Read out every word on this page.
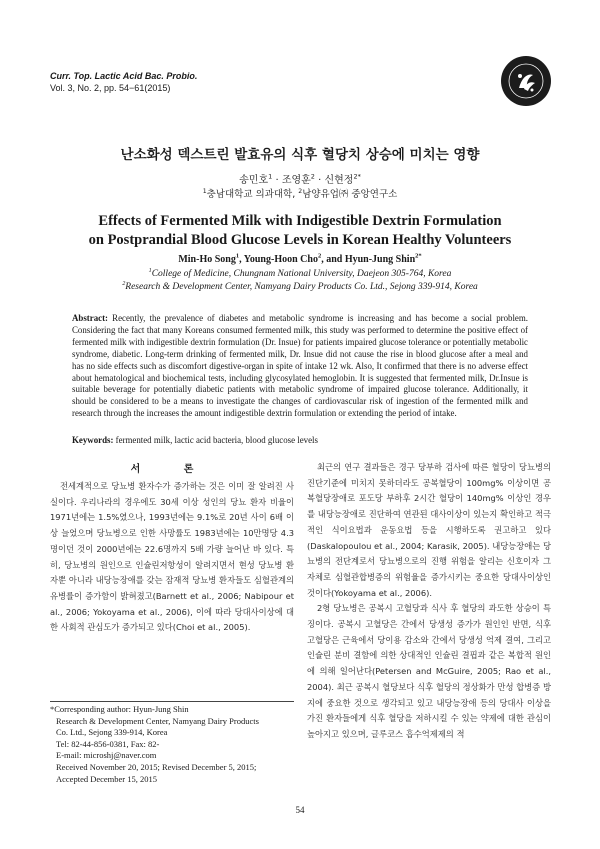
Curr. Top. Lactic Acid Bac. Probio.
Vol. 3, No. 2, pp. 54−61(2015)
난소화성 덱스트린 발효유의 식후 혈당치 상승에 미치는 영향
송민호$^1$ · 조영훈$^2$ · 신현정$^{2*}$
$^1$충남대학교 의과대학, $^2$남양유업㈜ 중앙연구소
Effects of Fermented Milk with Indigestible Dextrin Formulation
on Postprandial Blood Glucose Levels in Korean Healthy Volunteers
Min-Ho Song$^1$, Young-Hoon Cho$^2$, and Hyun-Jung Shin$^{2*}$
$^1$College of Medicine, Chungnam National University, Daejeon 305-764, Korea
$^2$Research & Development Center, Namyang Dairy Products Co. Ltd., Sejong 339-914, Korea
Abstract: Recently, the prevalence of diabetes and metabolic syndrome is increasing and has become a social problem. Considering the fact that many Koreans consumed fermented milk, this study was performed to determine the positive effect of fermented milk with indigestible dextrin formulation (Dr. Insue) for patients impaired glucose tolerance or potentially metabolic syndrome, diabetic. Long-term drinking of fermented milk, Dr. Insue did not cause the rise in blood glucose after a meal and has no side effects such as discomfort digestive-organ in spite of intake 12 wk. Also, It confirmed that there is no adverse effect about hematological and biochemical tests, including glycosylated hemoglobin. It is suggested that fermented milk, Dr.Insue is suitable beverage for potentially diabetic patients with metabolic syndrome of impaired glucose tolerance. Additionally, it should be considered to be a means to investigate the changes of cardiovascular risk of ingestion of the fermented milk and research through the increases the amount indigestible dextrin formulation or extending the period of intake.
Keywords: fermented milk, lactic acid bacteria, blood glucose levels
서 론

전세계적으로 당뇨병 환자수가 증가하는 것은 이미 잘 알려진 사실이다. 우리나라의 경우에도 30세 이상 성인의 당뇨 환자 비율이 1971년에는 1.5%였으나, 1993년에는 9.1%로 20년 사이 6배 이상 늘었으며 당뇨병으로 인한 사망률도 1983년에는 10만명당 4.3명이던 것이 2000년에는 22.6명까지 5배 가량 늘어난 바 있다. 특히, 당뇨병의 원인으로 인슐린저항성이 알려지면서 현성 당뇨병 환자뿐 아니라 내당능장애를 갖는 잠재적 당뇨병 환자들도 심혈관계의 유병률이 증가함이 밝혀졌고(Barnett et al., 2006; Nabipour et al., 2006; Yokoyama et al., 2006), 이에 따라 당대사이상에 대한 사회적 관심도가 증가되고 있다(Choi et al., 2005).

최근의 연구 결과들은 경구 당부하 검사에 따른 혈당이 당뇨병의 진단기준에 미치지 못하더라도 공복혈당이 100mg% 이상이면 공복혈당장애로 포도당 부하후 2시간 혈당이 140mg% 이상인 경우를 내당능장애로 진단하여 연관된 대사이상이 있는지 확인하고 적극적인 식이요법과 운동요법 등을 시행하도록 권고하고 있다(Daskalopoulou et al., 2004; Karasik, 2005). 내당능장애는 당뇨병의 전단계로서 당뇨병으로의 진행 위험을 알리는 신호이자 그 자체로 심혈관합병증의 위험율을 증가시키는 중요한 당대사이상인 것이다(Yokoyama et al., 2006).

2형 당뇨병은 공복시 고혈당과 식사 후 혈당의 과도한 상승이 특징이다. 공복시 고혈당은 간에서 당생성 증가가 원인인 반면, 식후 고혈당은 근육에서 당이용 감소와 간에서 당생성 억제 결여, 그리고 인슐린 분비 결함에 의한 상대적인 인슐린 결핍과 같은 복합적 원인에 의해 일어난다(Petersen and McGuire, 2005; Rao et al., 2004). 최근 공복시 혈당보다 식후 혈당의 정상화가 만성 합병증 방지에 중요한 것으로 생각되고 있고 내당능장애 등의 당대사 이상을 가진 환자들에게 식후 혈당을 저하시킬 수 있는 약제에 대한 관심이 높아지고 있으며, 글루코스 흡수억제제의 적

*Corresponding author: Hyun-Jung Shin
Research & Development Center, Namyang Dairy Products
Co. Ltd., Sejong 339-914, Korea
Tel: 82-44-856-0381, Fax: 82-
E-mail: microshj@naver.com
Received November 20, 2015; Revised December 5, 2015;
Accepted December 15, 2015
54
